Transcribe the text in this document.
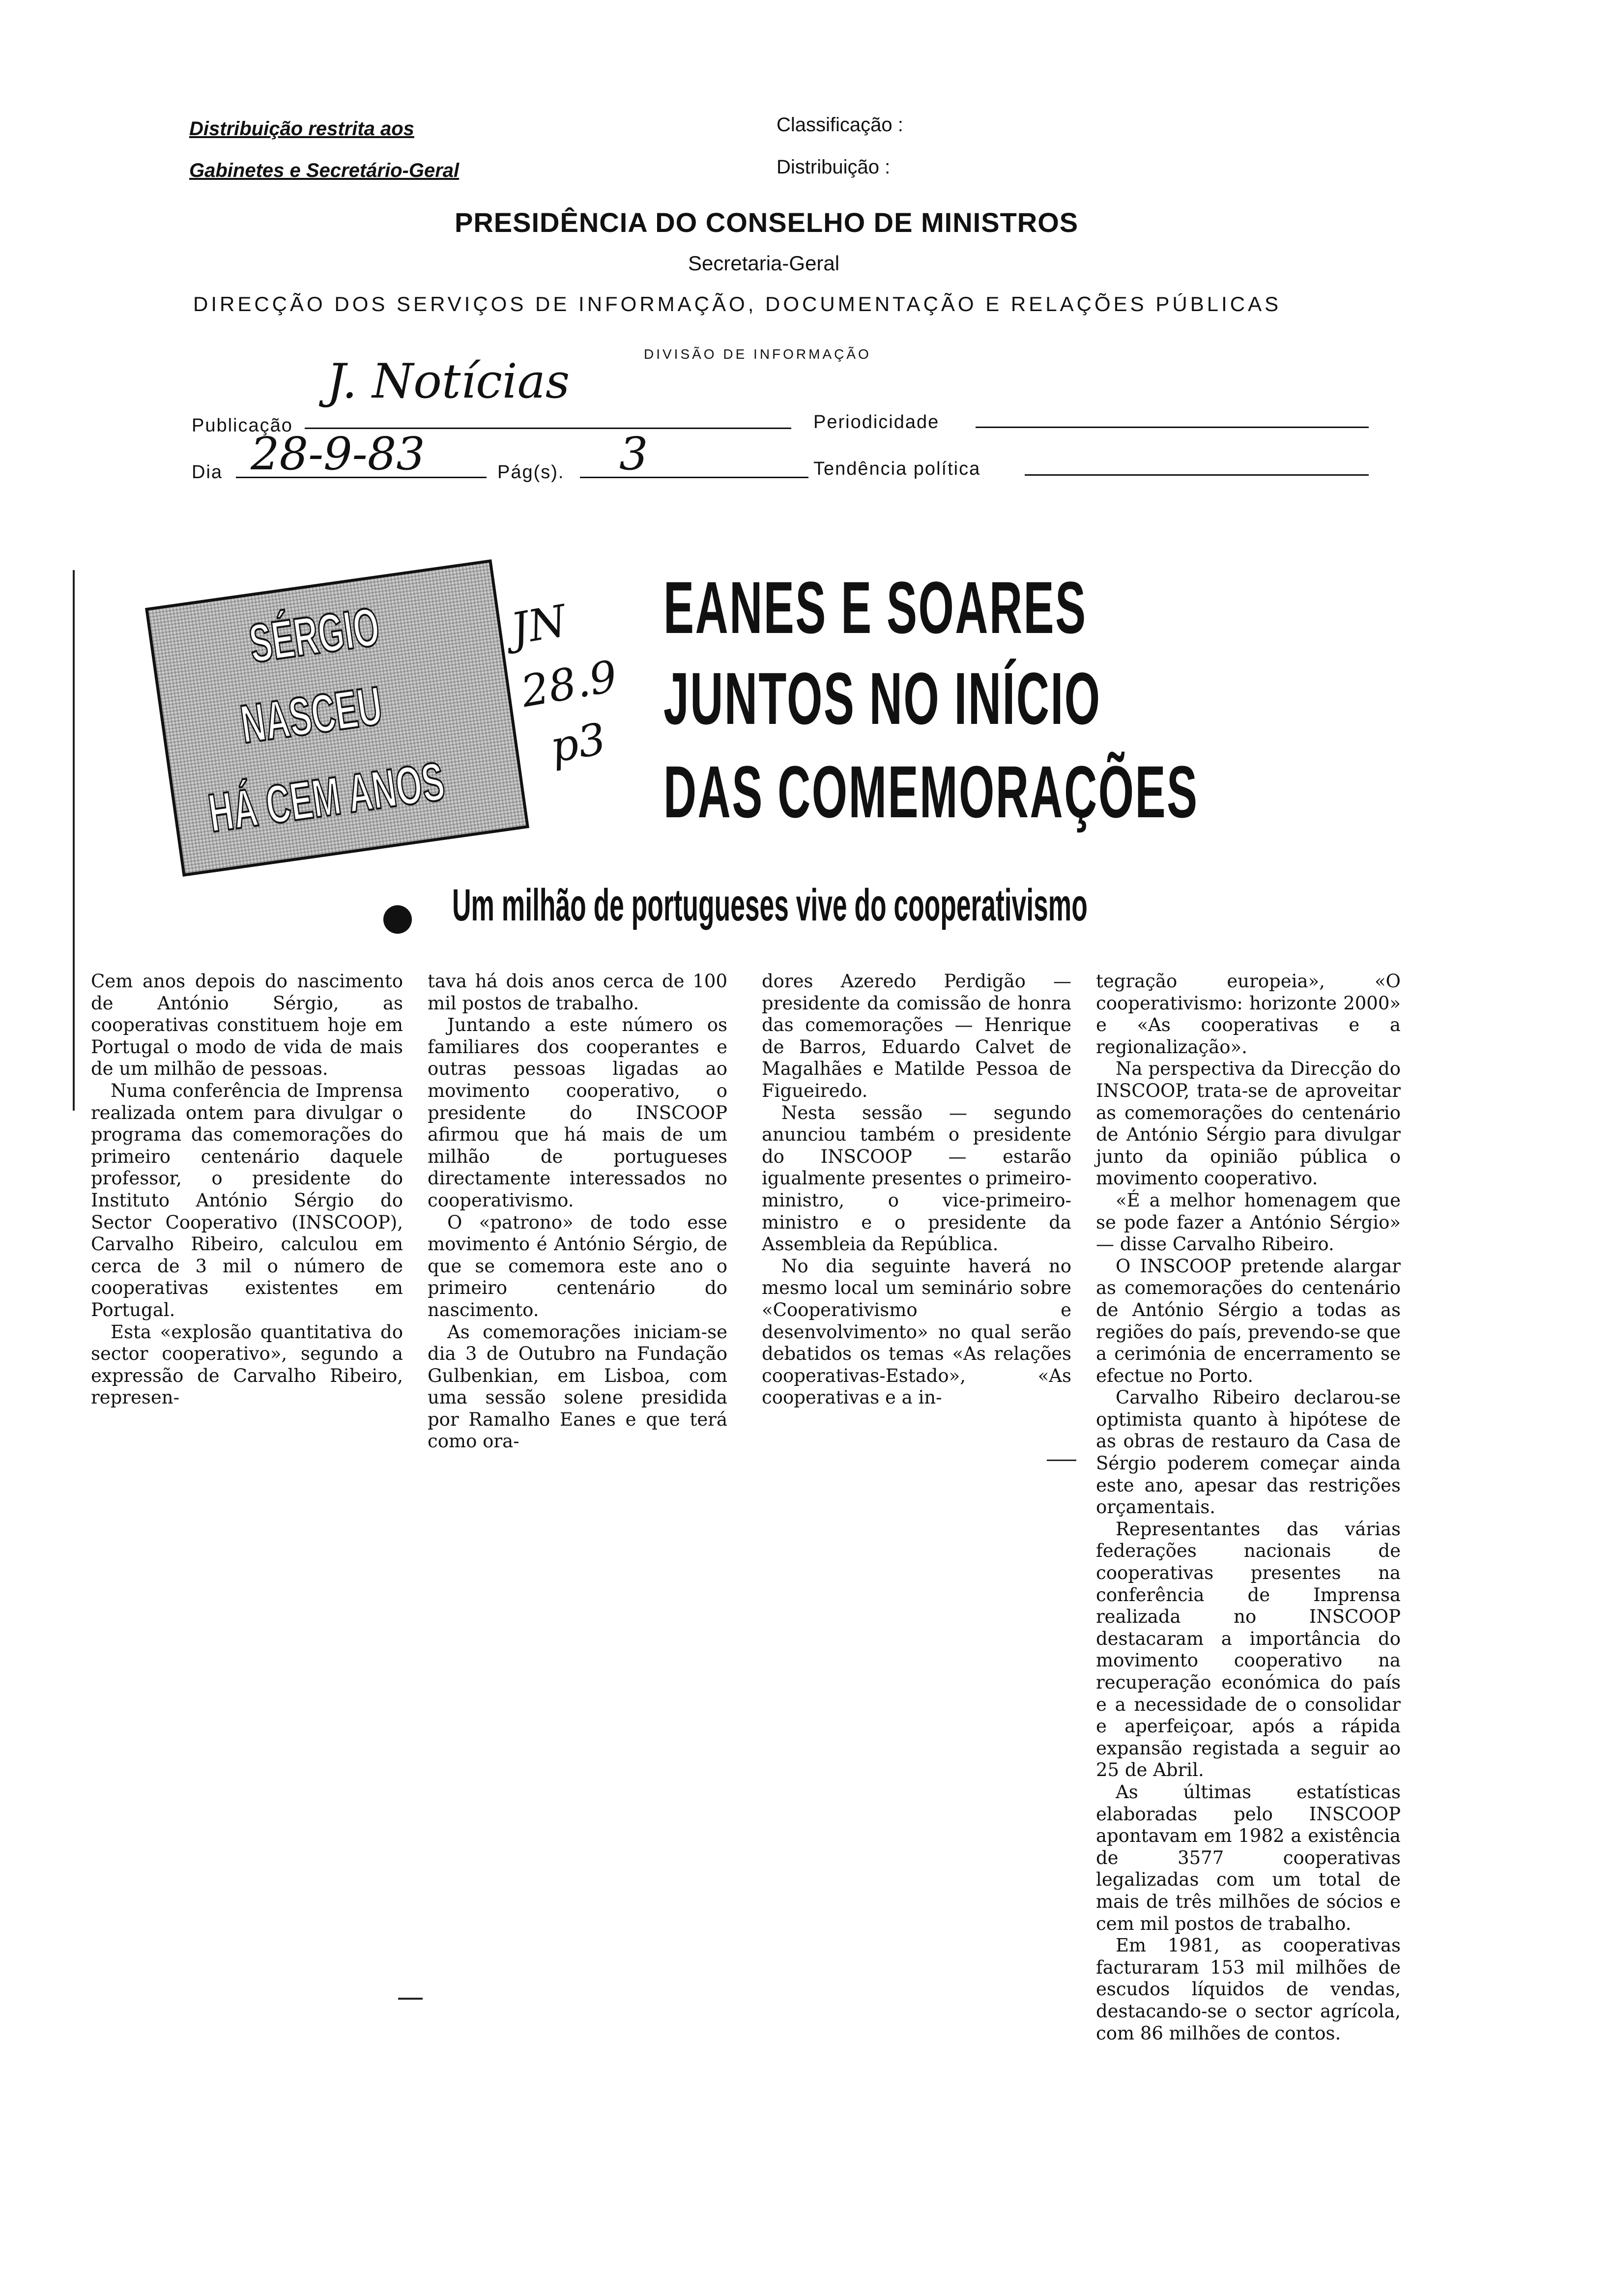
Distribuição restrita aos
Gabinetes e Secretário-Geral
Classificação :
Distribuição :
PRESIDÊNCIA DO CONSELHO DE MINISTROS
Secretaria-Geral
DIRECÇÃO DOS SERVIÇOS DE INFORMAÇÃO, DOCUMENTAÇÃO E RELAÇÕES PÚBLICAS
DIVISÃO DE INFORMAÇÃO
Publicação
J. Notícias
Periodicidade
Dia 28-9-83	Pág(s). 3	Tendência política
SÉRGIO
NASCEU
HÁ CEM ANOS
JN
28.9
p3
EANES E SOARES
JUNTOS NO INÍCIO
DAS COMEMORAÇÕES
Um milhão de portugueses vive do cooperativismo

Cem anos depois do nascimento de António Sérgio, as cooperativas constituem hoje em Portugal o modo de vida de mais de um milhão de pessoas.

Numa conferência de Imprensa realizada ontem para divulgar o programa das comemorações do primeiro centenário daquele professor, o presidente do Instituto António Sérgio do Sector Cooperativo (INSCOOP), Carvalho Ribeiro, calculou em cerca de 3 mil o número de cooperativas existentes em Portugal.

Esta «explosão quantitativa do sector cooperativo», segundo a expressão de Carvalho Ribeiro, represen-

tava há dois anos cerca de 100 mil postos de trabalho.

Juntando a este número os familiares dos cooperantes e outras pessoas ligadas ao movimento cooperativo, o presidente do INSCOOP afirmou que há mais de um milhão de portugueses directamente interessados no cooperativismo.

O «patrono» de todo esse movimento é António Sérgio, de que se comemora este ano o primeiro centenário do nascimento.

As comemorações iniciam-se dia 3 de Outubro na Fundação Gulbenkian, em Lisboa, com uma sessão solene presidida por Ramalho Eanes e que terá como ora-

dores Azeredo Perdigão — presidente da comissão de honra das comemorações — Henrique de Barros, Eduardo Calvet de Magalhães e Matilde Pessoa de Figueiredo.

Nesta sessão — segundo anunciou também o presidente do INSCOOP — estarão igualmente presentes o primeiro-ministro, o vice-primeiro-ministro e o presidente da Assembleia da República.

No dia seguinte haverá no mesmo local um seminário sobre «Cooperativismo e desenvolvimento» no qual serão debatidos os temas «As relações cooperativas-Estado», «As cooperativas e a in-

tegração europeia», «O cooperativismo: horizonte 2000» e «As cooperativas e a regionalização».

Na perspectiva da Direcção do INSCOOP, trata-se de aproveitar as comemorações do centenário de António Sérgio para divulgar junto da opinião pública o movimento cooperativo.

«É a melhor homenagem que se pode fazer a António Sérgio» — disse Carvalho Ribeiro.

O INSCOOP pretende alargar as comemorações do centenário de António Sérgio a todas as regiões do país, prevendo-se que a cerimónia de encerramento se efectue no Porto.

Carvalho Ribeiro declarou-se optimista quanto à hipótese de as obras de restauro da Casa de Sérgio poderem começar ainda este ano, apesar das restrições orçamentais.

Representantes das várias federações nacionais de cooperativas presentes na conferência de Imprensa realizada no INSCOOP destacaram a importância do movimento cooperativo na recuperação económica do país e a necessidade de o consolidar e aperfeiçoar, após a rápida expansão registada a seguir ao 25 de Abril.

As últimas estatísticas elaboradas pelo INSCOOP apontavam em 1982 a existência de 3577 cooperativas legalizadas com um total de mais de três milhões de sócios e cem mil postos de trabalho.

Em 1981, as cooperativas facturaram 153 mil milhões de escudos líquidos de vendas, destacando-se o sector agrícola, com 86 milhões de contos.
